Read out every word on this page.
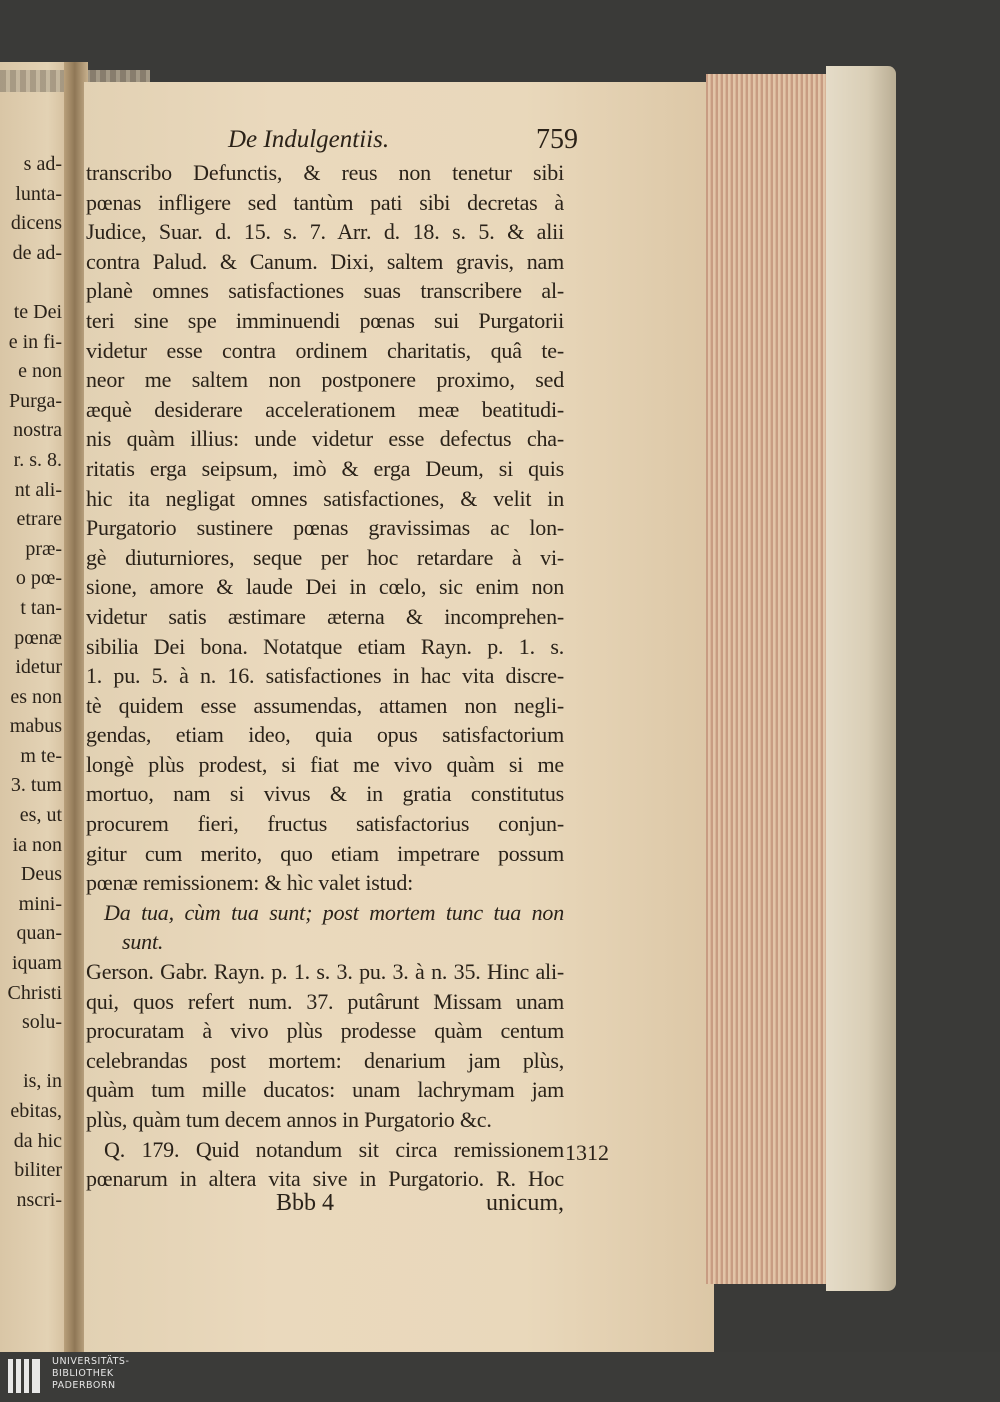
s ad-
lunta-
dicens
de ad-
te Dei
e in fi-
e non
Purga-
nostra
r. s. 8.
nt ali-
etrare
præ-
o pœ-
t tan-
pœnæ
idetur
es non
mabus
m te-
3. tum
es, ut
ia non
Deus
mini-
quan-
iquam
Christi
solu-
is, in
ebitas,
da hic
biliter
nscri-
De Indulgentiis.	759
transcribo Defunctis, & reus non tenetur sibi
pœnas infligere sed tantùm pati sibi decretas à
Judice, Suar. d. 15. s. 7. Arr. d. 18. s. 5. & alii
contra Palud. & Canum. Dixi, saltem gravis, nam
planè omnes satisfactiones suas transcribere al-
teri sine spe imminuendi pœnas sui Purgatorii
videtur esse contra ordinem charitatis, quâ te-
neor me saltem non postponere proximo, sed
æquè desiderare accelerationem meæ beatitudi-
nis quàm illius: unde videtur esse defectus cha-
ritatis erga seipsum, imò & erga Deum, si quis
hic ita negligat omnes satisfactiones, & velit in
Purgatorio sustinere pœnas gravissimas ac lon-
gè diuturniores, seque per hoc retardare à vi-
sione, amore & laude Dei in cœlo, sic enim non
videtur satis æstimare æterna & incomprehen-
sibilia Dei bona. Notatque etiam Rayn. p. 1. s.
1. pu. 5. à n. 16. satisfactiones in hac vita discre-
tè quidem esse assumendas, attamen non negli-
gendas, etiam ideo, quia opus satisfactorium
longè plùs prodest, si fiat me vivo quàm si me
mortuo, nam si vivus & in gratia constitutus
procurem fieri, fructus satisfactorius conjun-
gitur cum merito, quo etiam impetrare possum
pœnæ remissionem: & hìc valet istud:
Da tua, cùm tua sunt; post mortem tunc tua non
sunt.
Gerson. Gabr. Rayn. p. 1. s. 3. pu. 3. à n. 35. Hinc ali-
qui, quos refert num. 37. putârunt Missam unam
procuratam à vivo plùs prodesse quàm centum
celebrandas post mortem: denarium jam plùs,
quàm tum mille ducatos: unam lachrymam jam
plùs, quàm tum decem annos in Purgatorio &c.
Q. 179. Quid notandum sit circa remissionem
pœnarum in altera vita sive in Purgatorio. R. Hoc
Bbb 4	unicum,
1312
UNIVERSITÄTS-
BIBLIOTHEK
PADERBORN
